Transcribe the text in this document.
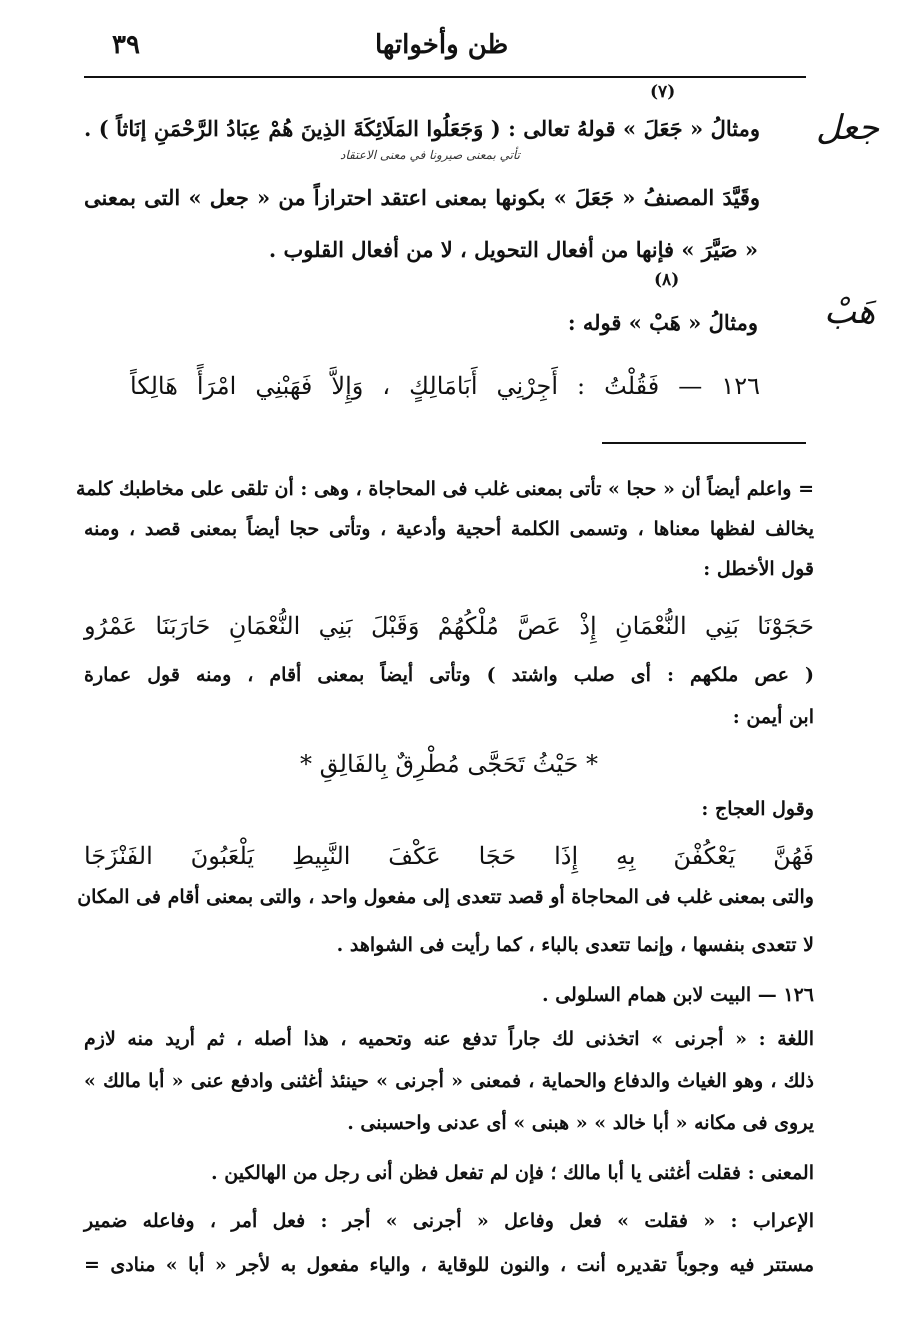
٣٩	ظن وأخواتها
جعل
هَبْ
تأتي بمعنى صيرونا في معنى الاعتقاد
(٧)
ومثالُ « جَعَلَ » قولهُ تعالى : ( وَجَعَلُوا المَلَائِكَةَ الذِينَ هُمْ عِبَادُ الرَّحْمَنِ إنَاثاً ) .
وقَيَّدَ المصنفُ « جَعَلَ » بكونها بمعنى اعتقد احترازاً من « جعل » التى بمعنى
« صَيَّرَ » فإنها من أفعال التحويل ، لا من أفعال القلوب .
(٨)
ومثالُ « هَبْ » قوله :
١٢٦ — فَقُلْتُ : أَجِرْنِي أَبَامَالِكٍ ، وَإِلاَّ فَهَبْنِي امْرَأً هَالِكاً
= واعلم أيضاً أن « حجا » تأتى بمعنى غلب فى المحاجاة ، وهى : أن تلقى على مخاطبك كلمة
يخالف لفظها معناها ، وتسمى الكلمة أحجية وأدعية ، وتأتى حجا أيضاً بمعنى قصد ، ومنه
قول الأخطل :
حَجَوْنَا بَنِي النُّعْمَانِ إِذْ عَصَّ مُلْكُهُمْ وَقَبْلَ بَنِي النُّعْمَانِ حَارَبَنَا عَمْرُو
( عص ملكهم : أى صلب واشتد ) وتأتى أيضاً بمعنى أقام ، ومنه قول عمارة
ابن أيمن :
* حَيْثُ تَحَجَّى مُطْرِقٌ بِالفَالِقِ *
وقول العجاج :
فَهُنَّ يَعْكُفْنَ بِهِ إِذَا حَجَا عَكْفَ النَّبِيطِ يَلْعَبُونَ الفَنْزَجَا
والتى بمعنى غلب فى المحاجاة أو قصد تتعدى إلى مفعول واحد ، والتى بمعنى أقام فى المكان
لا تتعدى بنفسها ، وإنما تتعدى بالباء ، كما رأيت فى الشواهد .
١٢٦ — البيت لابن همام السلولى .
اللغة : « أجرنى » اتخذنى لك جاراً تدفع عنه وتحميه ، هذا أصله ، ثم أريد منه لازم
ذلك ، وهو الغياث والدفاع والحماية ، فمعنى « أجرنى » حينئذ أغثنى وادفع عنى « أبا مالك »
يروى فى مكانه « أبا خالد » « هبنى » أى عدنى واحسبنى .
المعنى : فقلت أغثنى يا أبا مالك ؛ فإن لم تفعل فظن أنى رجل من الهالكين .
الإعراب : « فقلت » فعل وفاعل « أجرنى » أجر : فعل أمر ، وفاعله ضمير
مستتر فيه وجوباً تقديره أنت ، والنون للوقاية ، والياء مفعول به لأجر « أبا » منادى =
